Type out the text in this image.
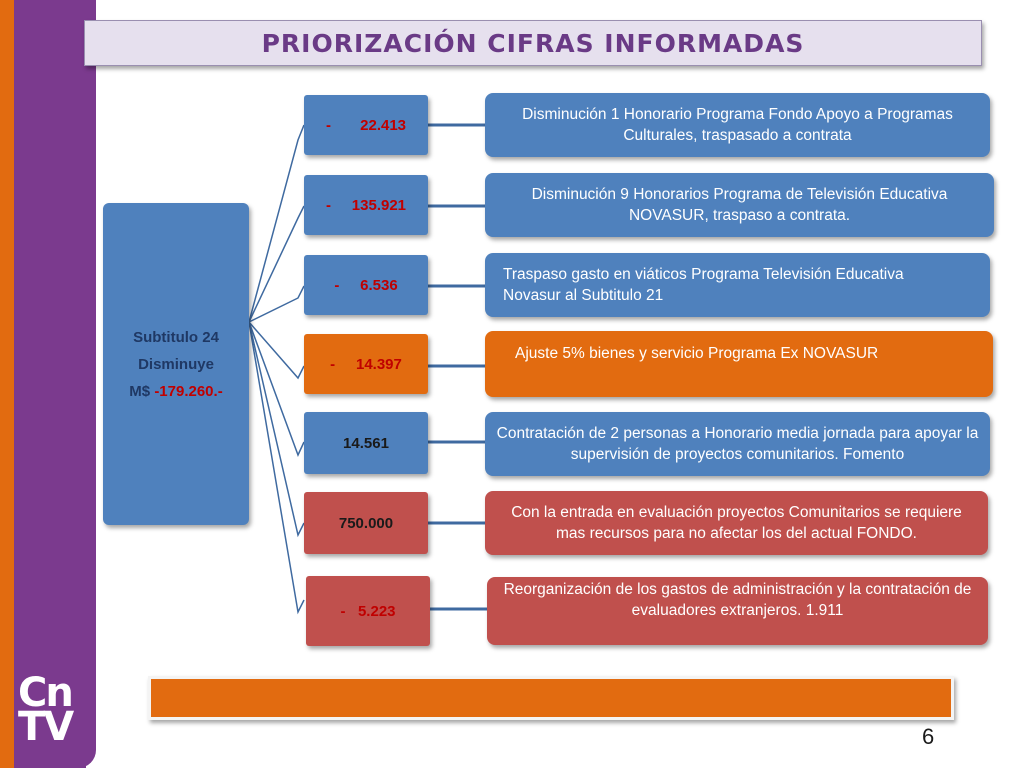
Cn
TV
PRIORIZACIÓN CIFRAS INFORMADAS
Subtitulo 24
Disminuye
M$ -179.260.-
-       22.413
-     135.921
-     6.536
-     14.397
14.561
750.000
-   5.223
Disminución 1 Honorario Programa Fondo Apoyo a Programas Culturales, traspasado a contrata
Disminución 9 Honorarios Programa de Televisión Educativa NOVASUR, traspaso a contrata.
Traspaso gasto en viáticos Programa Televisión Educativa Novasur al Subtitulo 21
Ajuste 5% bienes y servicio Programa Ex NOVASUR
Contratación de 2 personas a Honorario media jornada para apoyar la supervisión de proyectos comunitarios. Fomento
Con la entrada en evaluación proyectos Comunitarios se requiere mas recursos para no afectar los del actual FONDO.
Reorganización de los gastos de administración y la contratación de evaluadores extranjeros. 1.911
6
